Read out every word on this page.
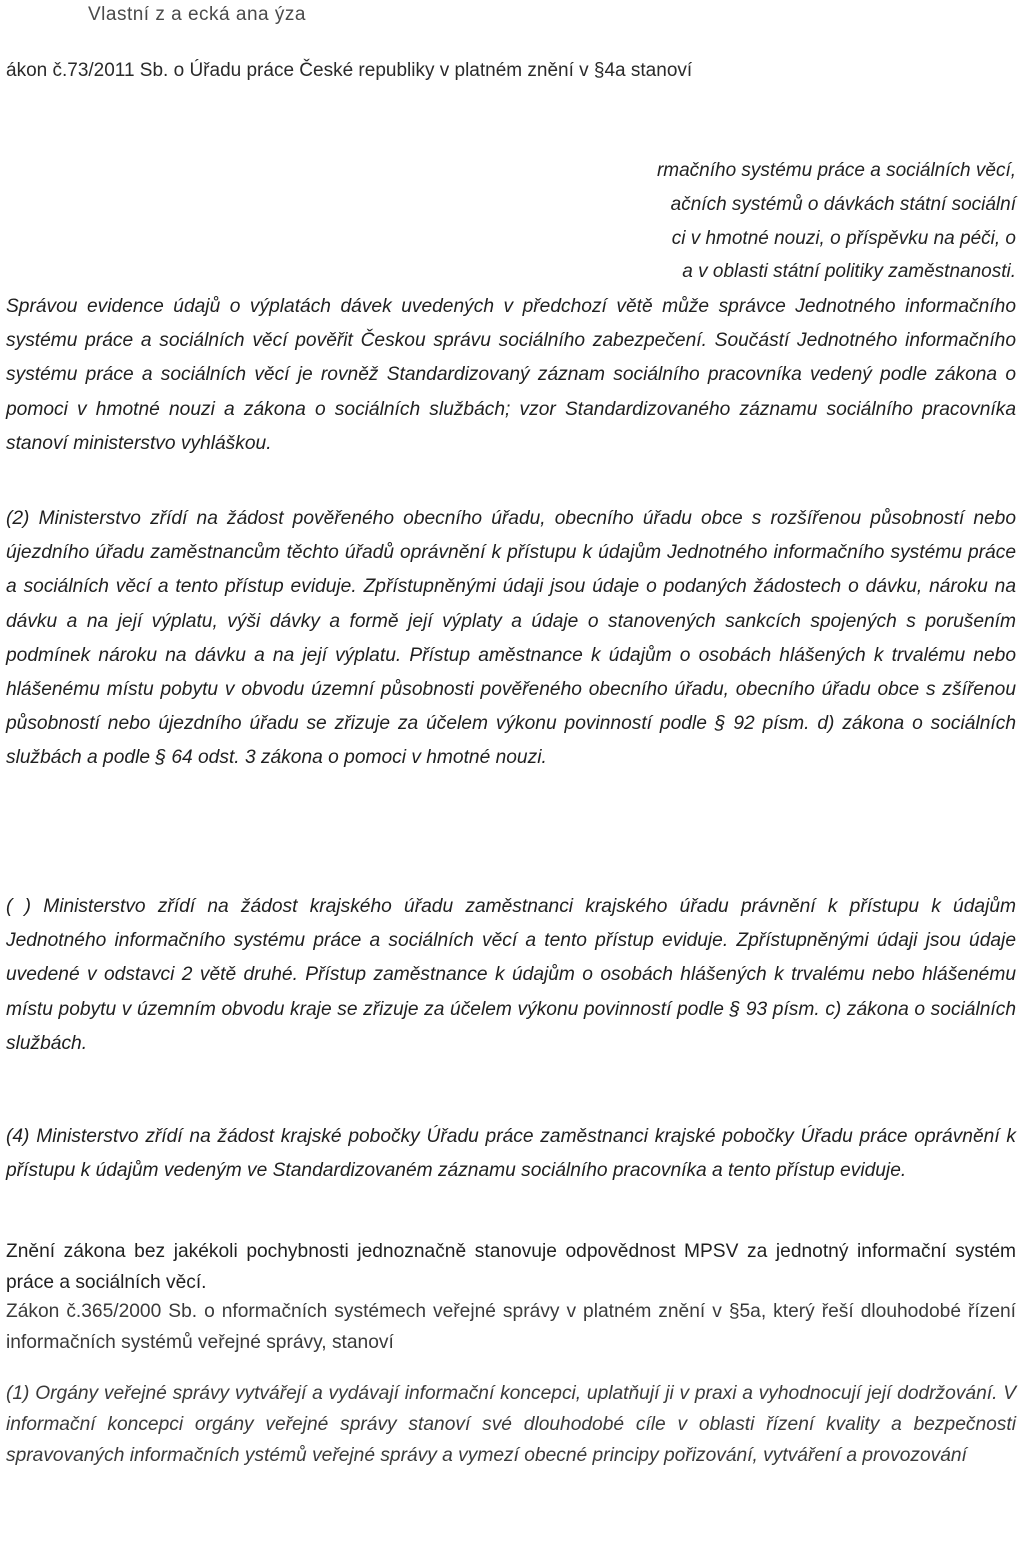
Vlastní z a ecká ana ýza
ákon č.73/2011 Sb. o Úřadu práce České republiky v platném znění v §4a stanoví
rmačního systému práce a sociálních věcí,
ačních systémů o dávkách státní sociální
ci v hmotné nouzi, o příspěvku na péči, o
a v oblasti státní politiky zaměstnanosti.

Správou evidence údajů o výplatách dávek uvedených v předchozí větě může správce Jednotného informačního systému práce a sociálních věcí pověřit Českou správu sociálního zabezpečení. Součástí Jednotného informačního systému práce a sociálních věcí je rovněž Standardizovaný záznam sociálního pracovníka vedený podle zákona o pomoci v hmotné nouzi a zákona o sociálních službách; vzor Standardizovaného záznamu sociálního pracovníka stanoví ministerstvo vyhláškou.

(2) Ministerstvo zřídí na žádost pověřeného obecního úřadu, obecního úřadu obce s rozšířenou působností nebo újezdního úřadu zaměstnancům těchto úřadů oprávnění k přístupu k údajům Jednotného informačního systému práce a sociálních věcí a tento přístup eviduje. Zpřístupněnými údaji jsou údaje o podaných žádostech o dávku, nároku na dávku a na její výplatu, výši dávky a formě její výplaty a údaje o stanovených sankcích spojených s porušením podmínek nároku na dávku a na její výplatu. Přístup aměstnance k údajům o osobách hlášených k trvalému nebo hlášenému místu pobytu v obvodu územní působnosti pověřeného obecního úřadu, obecního úřadu obce s zšířenou působností nebo újezdního úřadu se zřizuje za účelem výkonu povinností podle § 92 písm. d) zákona o sociálních službách a podle § 64 odst. 3 zákona o pomoci v hmotné nouzi.

( ) Ministerstvo zřídí na žádost krajského úřadu zaměstnanci krajského úřadu právnění k přístupu k údajům Jednotného informačního systému práce a sociálních věcí a tento přístup eviduje. Zpřístupněnými údaji jsou údaje uvedené v odstavci 2 větě druhé. Přístup zaměstnance k údajům o osobách hlášených k trvalému nebo hlášenému místu pobytu v územním obvodu kraje se zřizuje za účelem výkonu povinností podle § 93 písm. c) zákona o sociálních službách.

(4) Ministerstvo zřídí na žádost krajské pobočky Úřadu práce zaměstnanci krajské pobočky Úřadu práce oprávnění k přístupu k údajům vedeným ve Standardizovaném záznamu sociálního pracovníka a tento přístup eviduje.

Znění zákona bez jakékoli pochybnosti jednoznačně stanovuje odpovědnost MPSV za jednotný informační systém práce a sociálních věcí.

Zákon č.365/2000 Sb. o nformačních systémech veřejné správy v platném znění v §5a, který řeší dlouhodobé řízení informačních systémů veřejné správy, stanoví

(1) Orgány veřejné správy vytvářejí a vydávají informační koncepci, uplatňují ji v praxi a vyhodnocují její dodržování. V informační koncepci orgány veřejné správy stanoví své dlouhodobé cíle v oblasti řízení kvality a bezpečnosti spravovaných informačních ystémů veřejné správy a vymezí obecné principy pořizování, vytváření a provozování
